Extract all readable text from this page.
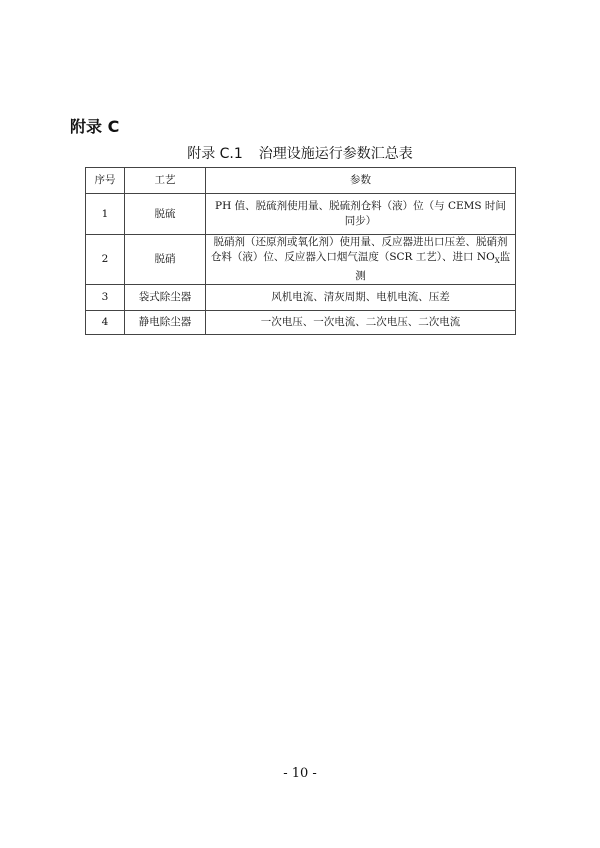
附录 C
附录 C.1 治理设施运行参数汇总表
序号	工艺	参数
1	脱硫	PH 值、脱硫剂使用量、脱硫剂仓料（液）位（与 CEMS 时间同步）
2	脱硝	脱硝剂（还原剂或氧化剂）使用量、反应器进出口压差、脱硝剂仓料（液）位、反应器入口烟气温度（SCR 工艺）、进口 $NO_X$监测
3	袋式除尘器	风机电流、清灰周期、电机电流、压差
4	静电除尘器	一次电压、一次电流、二次电压、二次电流
- 10 -
